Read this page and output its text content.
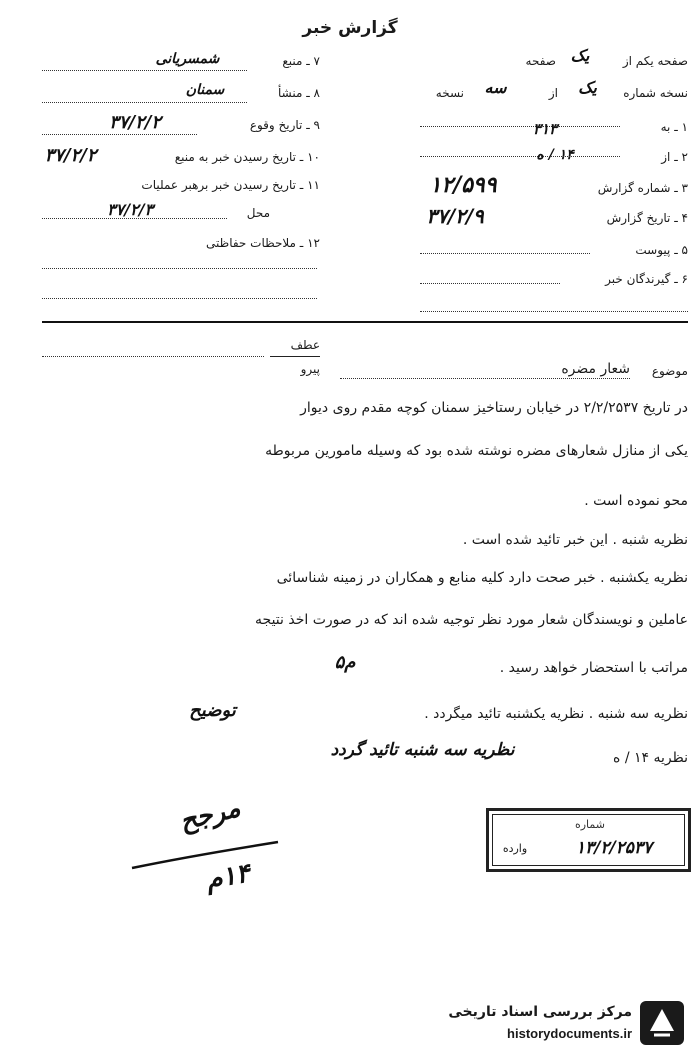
گزارش خبر
۷ ـ منبع
شمسریانی
۸ ـ منشأ
سمنان
۹ ـ تاریخ وقوع
۳۷/۲/۲
۱۰ ـ تاریخ رسیدن خبر به منبع
۳۷/۲/۲
۱۱ ـ تاریخ رسیدن خبر برهبر عملیات
محل
۳۷/۲/۳
۱۲ ـ ملاحظات حفاظتی
صفحه یکم از
یک
صفحه
نسخه شماره
یک
از
سه
نسخه
۱ ـ به
۳۱۳
۲ ـ از
۱۴ / ه
۳ ـ شماره گزارش
۱۲/۵۹۹
۴ ـ تاریخ گزارش
۳۷/۲/۹
۵ ـ پیوست
۶ ـ گیرندگان خبر
عطف
پیرو	موضوع
شعار مضره
در تاریخ ۲/۲/۲۵۳۷ در خیابان رستاخیز سمنان کوچه مقدم روی دیوار
یکی از منازل شعارهای مضره نوشته شده بود که وسیله مامورین مربوطه
محو نموده است .
نظریه شنبه . این خبر تائید شده است .
نظریه یکشنبه . خبر صحت دارد کلیه منابع و همکاران در زمینه شناسائی
عاملین و نویسندگان شعار مورد نظر توجیه شده اند که در صورت اخذ نتیجه
مراتب با استحضار خواهد رسید .
۵م
نظریه سه شنبه . نظریه یکشنبه تائید میگردد .
توضیح
نظریه ۱۴ / ه
نظریه سه شنبه تائید گردد
مرجح
۱۴م
شماره
۱۳/۲/۲۵۳۷
وارده
مرکز بررسی اسناد تاریخی
historydocuments.ir
